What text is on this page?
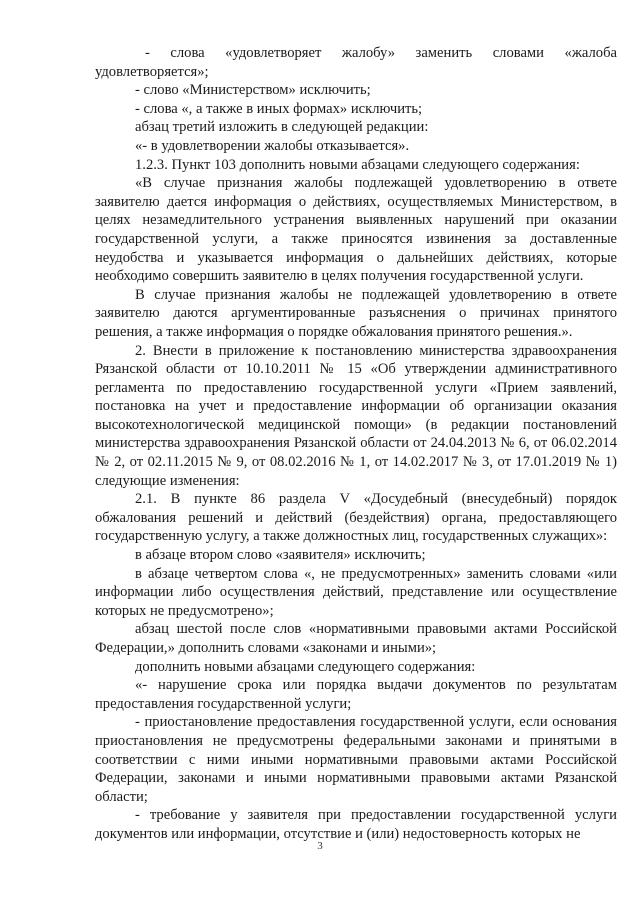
- слова «удовлетворяет жалобу» заменить словами «жалоба удовлетворяется»;

- слово «Министерством» исключить;

- слова «, а также в иных формах» исключить;

абзац третий изложить в следующей редакции:

«- в удовлетворении жалобы отказывается».

1.2.3. Пункт 103 дополнить новыми абзацами следующего содержания:

«В случае признания жалобы подлежащей удовлетворению в ответе заявителю дается информация о действиях, осуществляемых Министерством, в целях незамедлительного устранения выявленных нарушений при оказании государственной услуги, а также приносятся извинения за доставленные неудобства и указывается информация о дальнейших действиях, которые необходимо совершить заявителю в целях получения государственной услуги.

В случае признания жалобы не подлежащей удовлетворению в ответе заявителю даются аргументированные разъяснения о причинах принятого решения, а также информация о порядке обжалования принятого решения.».

2. Внести в приложение к постановлению министерства здравоохранения Рязанской области от 10.10.2011 № 15 «Об утверждении административного регламента по предоставлению государственной услуги «Прием заявлений, постановка на учет и предоставление информации об организации оказания высокотехнологической медицинской помощи» (в редакции постановлений министерства здравоохранения Рязанской области от 24.04.2013 № 6, от 06.02.2014 № 2, от 02.11.2015 № 9, от 08.02.2016 № 1, от 14.02.2017 № 3, от 17.01.2019 № 1) следующие изменения:

2.1. В пункте 86 раздела V «Досудебный (внесудебный) порядок обжалования решений и действий (бездействия) органа, предоставляющего государственную услугу, а также должностных лиц, государственных служащих»:

в абзаце втором слово «заявителя» исключить;

в абзаце четвертом слова «, не предусмотренных» заменить словами «или информации либо осуществления действий, представление или осуществление которых не предусмотрено»;

абзац шестой после слов «нормативными правовыми актами Российской Федерации,» дополнить словами «законами и иными»;

дополнить новыми абзацами следующего содержания:

«- нарушение срока или порядка выдачи документов по результатам предоставления государственной услуги;

- приостановление предоставления государственной услуги, если основания приостановления не предусмотрены федеральными законами и принятыми в соответствии с ними иными нормативными правовыми актами Российской Федерации, законами и иными нормативными правовыми актами Рязанской области;

- требование у заявителя при предоставлении государственной услуги документов или информации, отсутствие и (или) недостоверность которых не

3
